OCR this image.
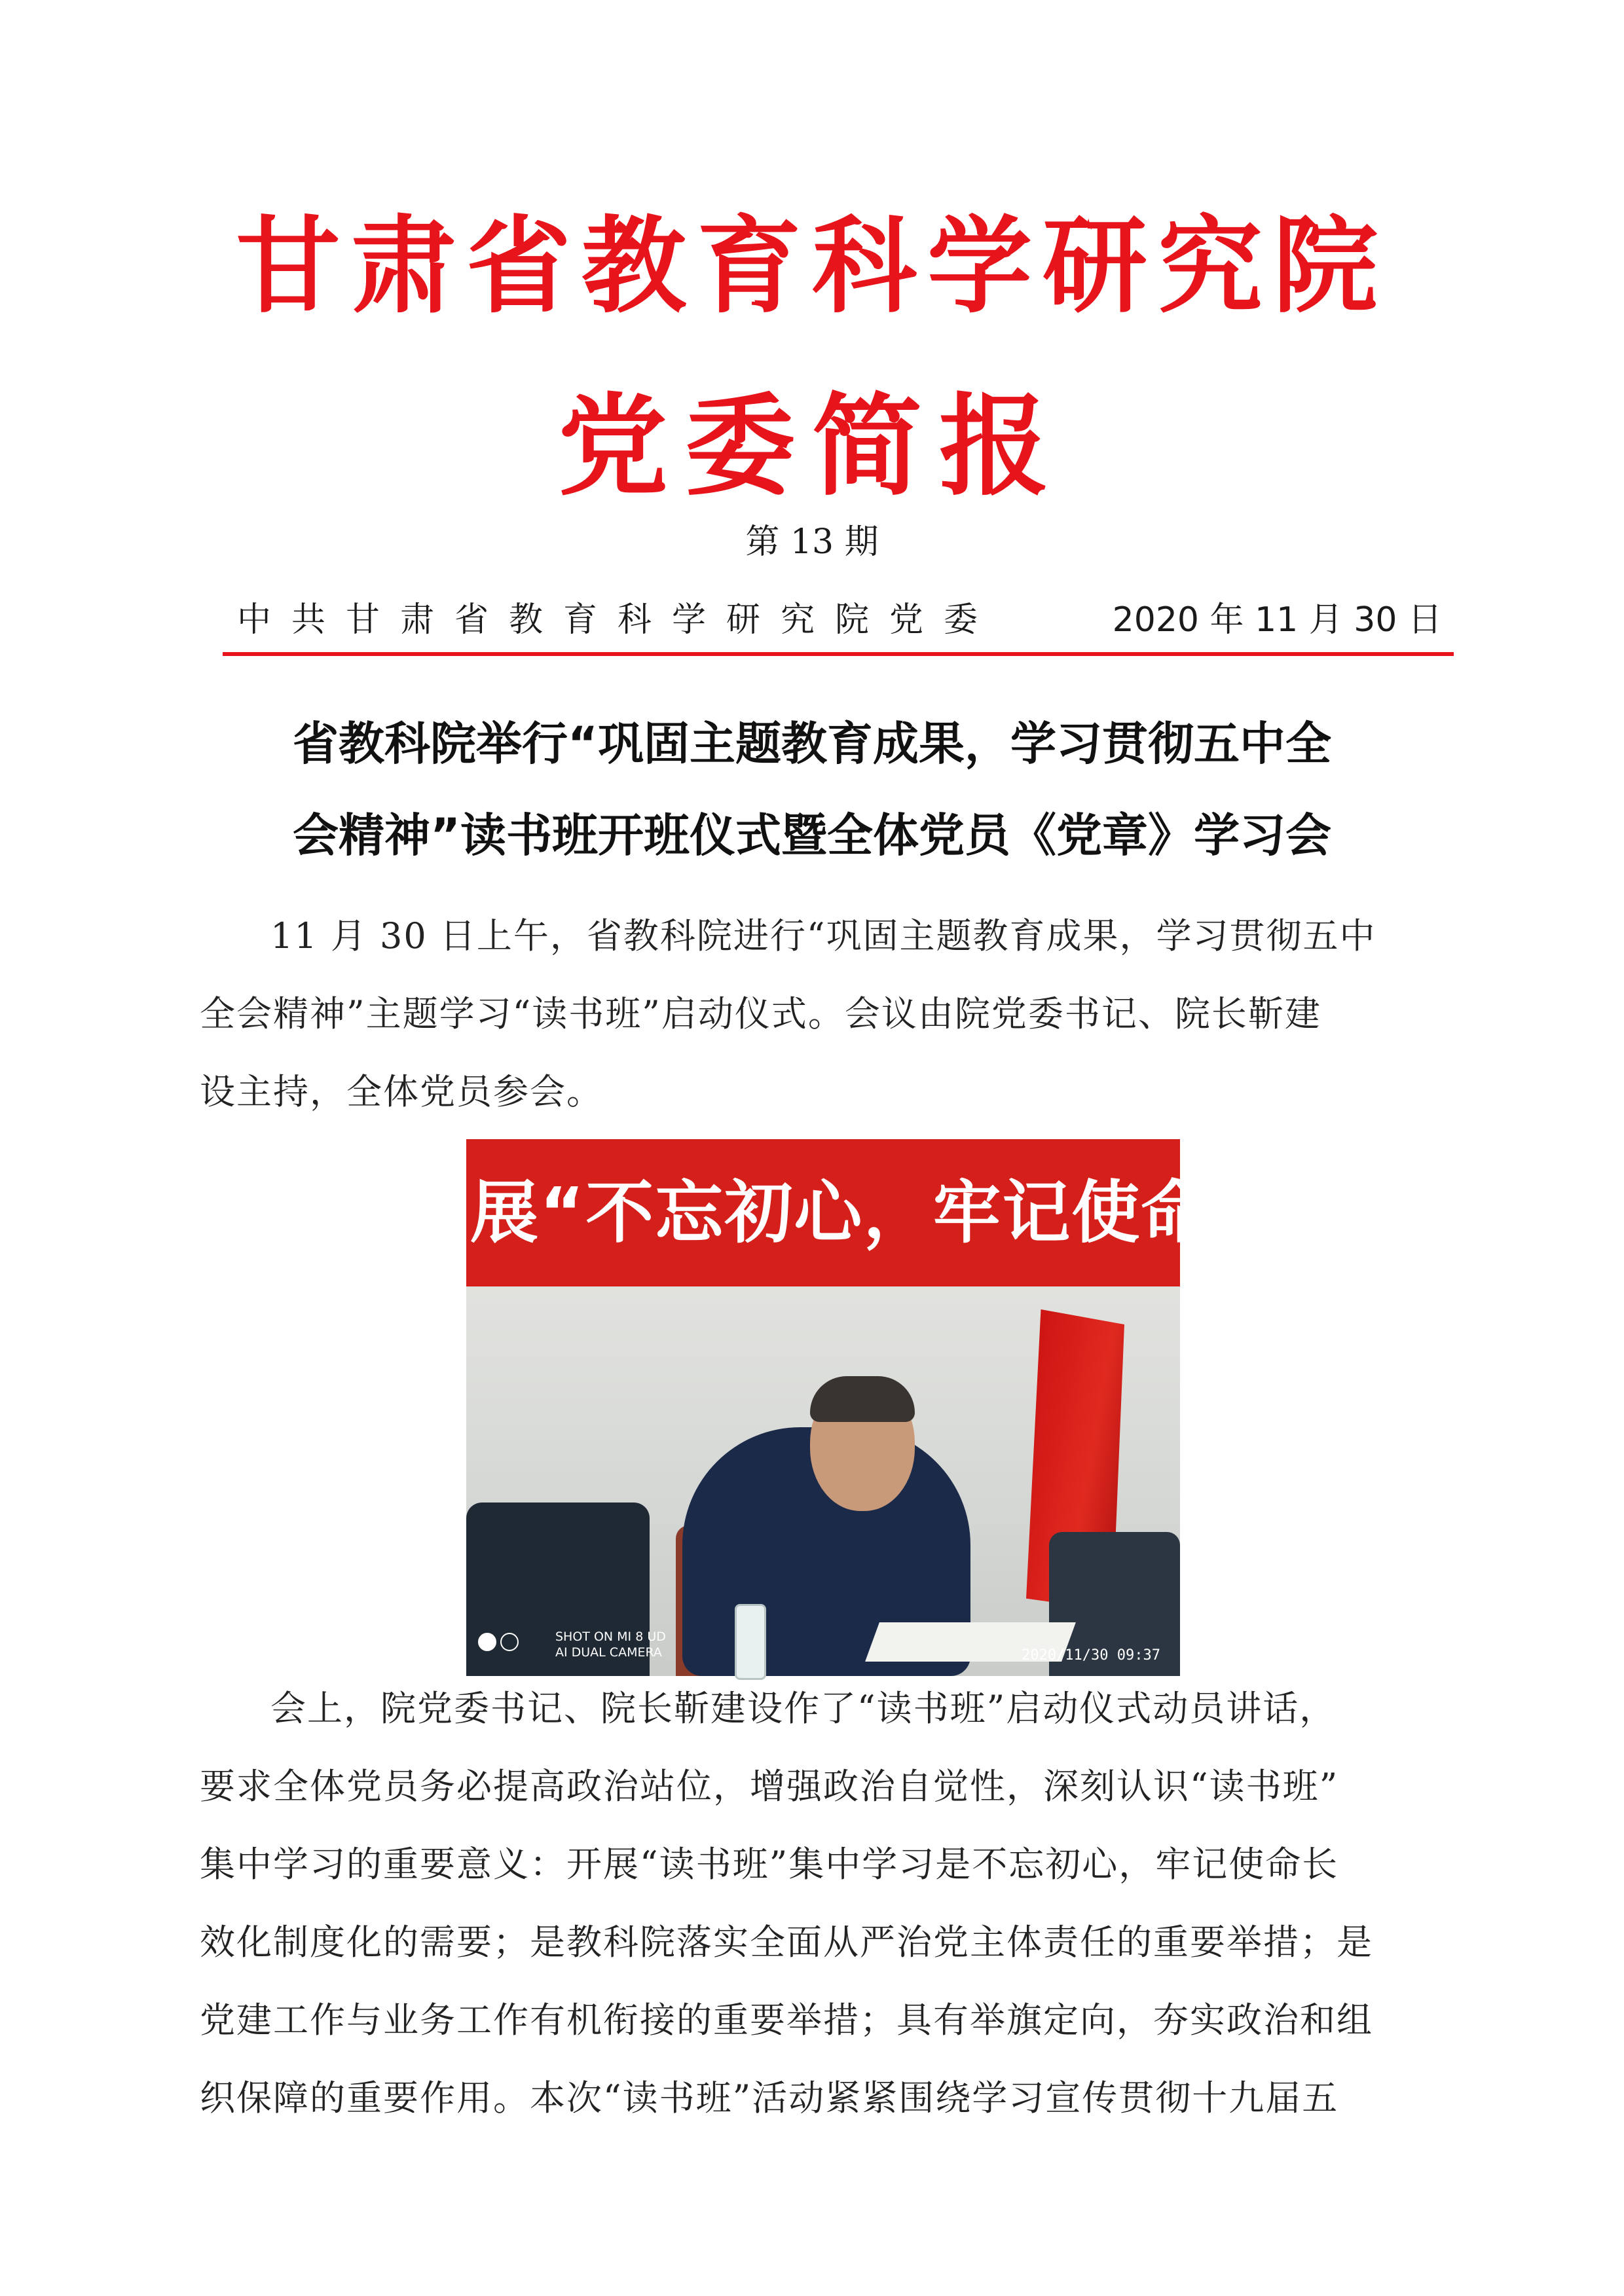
甘肃省教育科学研究院
党委简报
第 13 期
中共甘肃省教育科学研究院党委	2020 年 11 月 30 日
省教科院举行“巩固主题教育成果，学习贯彻五中全
会精神”读书班开班仪式暨全体党员《党章》学习会

11 月 30 日上午，省教科院进行“巩固主题教育成果，学习贯彻五中
全会精神”主题学习“读书班”启动仪式。会议由院党委书记、院长靳建
设主持，全体党员参会。

展“不忘初心，牢记使命”主题教育
SHOT ON MI 8 UD
AI DUAL CAMERA	2020/11/30 09:37

会上，院党委书记、院长靳建设作了“读书班”启动仪式动员讲话，
要求全体党员务必提高政治站位，增强政治自觉性，深刻认识“读书班”
集中学习的重要意义：开展“读书班”集中学习是不忘初心，牢记使命长
效化制度化的需要；是教科院落实全面从严治党主体责任的重要举措；是
党建工作与业务工作有机衔接的重要举措；具有举旗定向，夯实政治和组
织保障的重要作用。本次“读书班”活动紧紧围绕学习宣传贯彻十九届五
